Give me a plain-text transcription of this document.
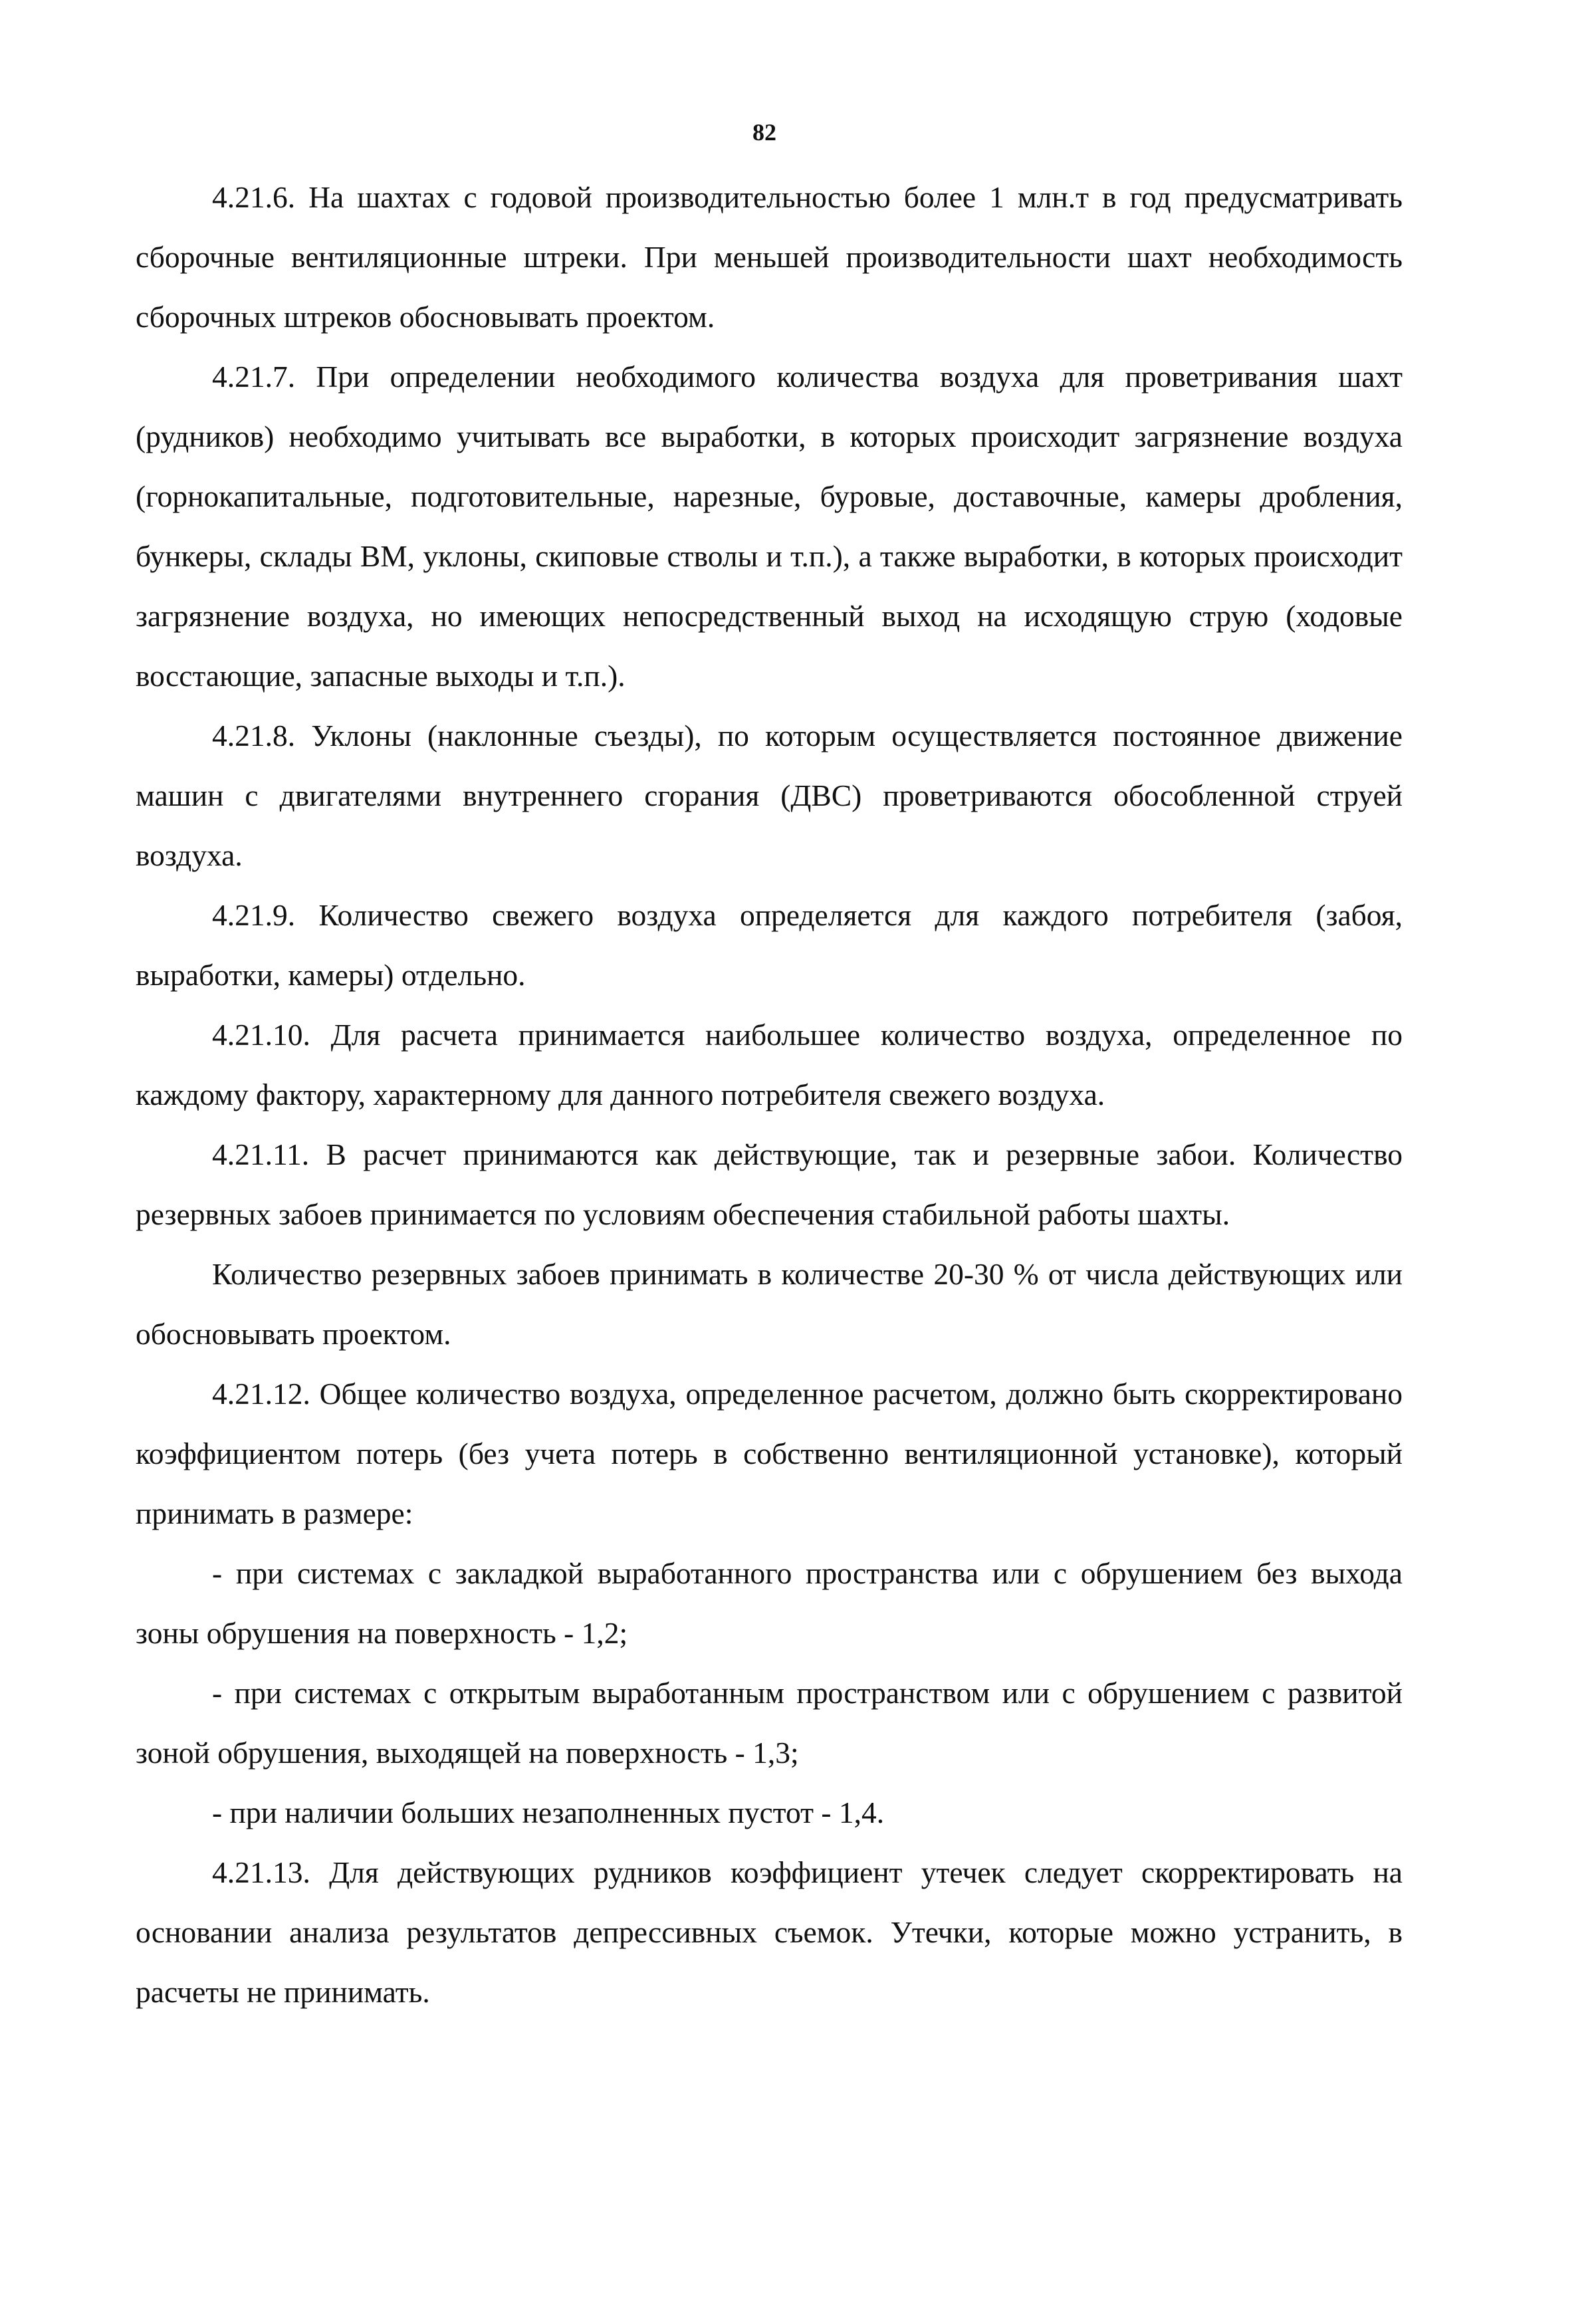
82

4.21.6. На шахтах с годовой производительностью более 1 млн.т в год предусматривать сборочные вентиляционные штреки. При меньшей производительности шахт необходимость сборочных штреков обосновывать проектом.

4.21.7. При определении необходимого количества воздуха для проветривания шахт (рудников) необходимо учитывать все выработки, в которых происходит загрязнение воздуха (горнокапитальные, подготовительные, нарезные, буровые, доставочные, камеры дробления, бункеры, склады ВМ, уклоны, скиповые стволы и т.п.), а также выработки, в которых происходит загрязнение воздуха, но имеющих непосредственный выход на исходящую струю (ходовые восстающие, запасные выходы и т.п.).

4.21.8. Уклоны (наклонные съезды), по которым осуществляется постоянное движение машин с двигателями внутреннего сгорания (ДВС) проветриваются обособленной струей воздуха.

4.21.9. Количество свежего воздуха определяется для каждого потребителя (забоя, выработки, камеры) отдельно.

4.21.10. Для расчета принимается наибольшее количество воздуха, определенное по каждому фактору, характерному для данного потребителя свежего воздуха.

4.21.11. В расчет принимаются как действующие, так и резервные забои. Количество резервных забоев принимается по условиям обеспечения стабильной работы шахты.

Количество резервных забоев принимать в количестве 20-30 % от числа действующих или обосновывать проектом.

4.21.12. Общее количество воздуха, определенное расчетом, должно быть скорректировано коэффициентом потерь (без учета потерь в собственно вентиляционной установке), который принимать в размере:

- при системах с закладкой выработанного пространства или с обрушением без выхода зоны обрушения на поверхность - 1,2;

- при системах с открытым выработанным пространством или с обрушением с развитой зоной обрушения, выходящей на поверхность - 1,3;

- при наличии больших незаполненных пустот - 1,4.

4.21.13. Для действующих рудников коэффициент утечек следует скорректировать на основании анализа результатов депрессивных съемок. Утечки, которые можно устранить, в расчеты не принимать.
